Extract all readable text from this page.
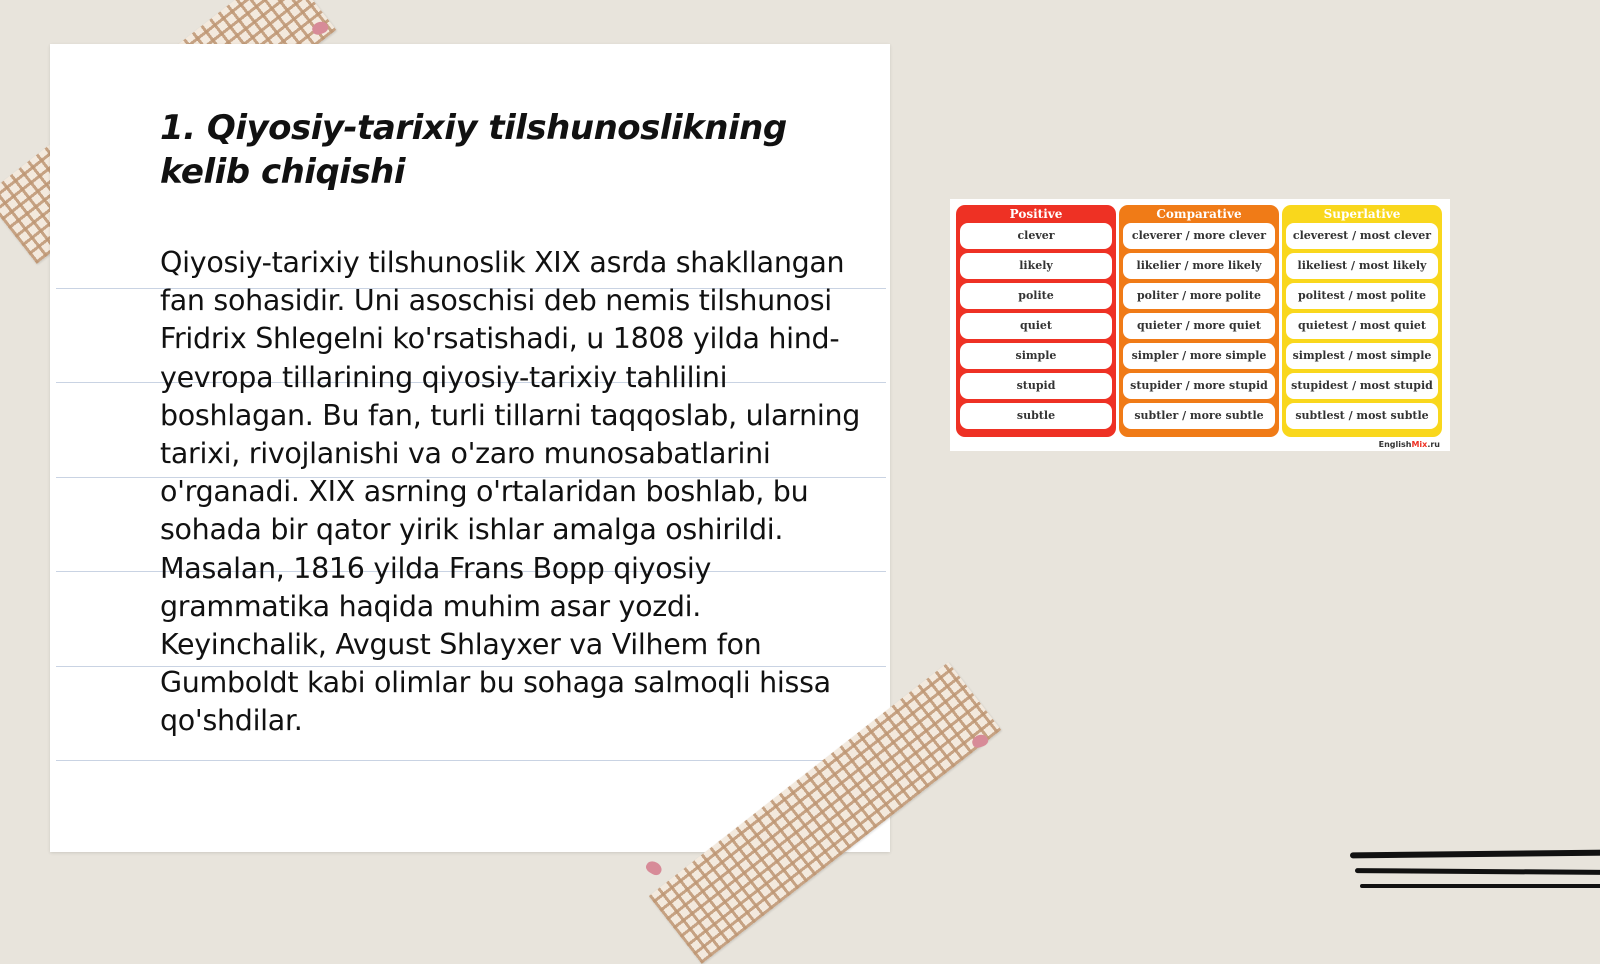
1. Qiyosiy-tarixiy tilshunoslikning kelib chiqishi

Qiyosiy-tarixiy tilshunoslik XIX asrda shakllangan fan sohasidir. Uni asoschisi deb nemis tilshunosi Fridrix Shlegelni ko'rsatishadi, u 1808 yilda hind-yevropa tillarining qiyosiy-tarixiy tahlilini boshlagan. Bu fan, turli tillarni taqqoslab, ularning tarixi, rivojlanishi va o'zaro munosabatlarini o'rganadi. XIX asrning o'rtalaridan boshlab, bu sohada bir qator yirik ishlar amalga oshirildi. Masalan, 1816 yilda Frans Bopp qiyosiy grammatika haqida muhim asar yozdi. Keyinchalik, Avgust Shlayxer va Vilhem fon Gumboldt kabi olimlar bu sohaga salmoqli hissa qo'shdilar.

Positive
clever
likely
polite
quiet
simple
stupid
subtle
Comparative
cleverer / more clever
likelier / more likely
politer / more polite
quieter / more quiet
simpler / more simple
stupider / more stupid
subtler / more subtle
Superlative
cleverest / most clever
likeliest / most likely
politest / most polite
quietest / most quiet
simplest / most simple
stupidest / most stupid
subtlest / most subtle
EnglishMix.ru
